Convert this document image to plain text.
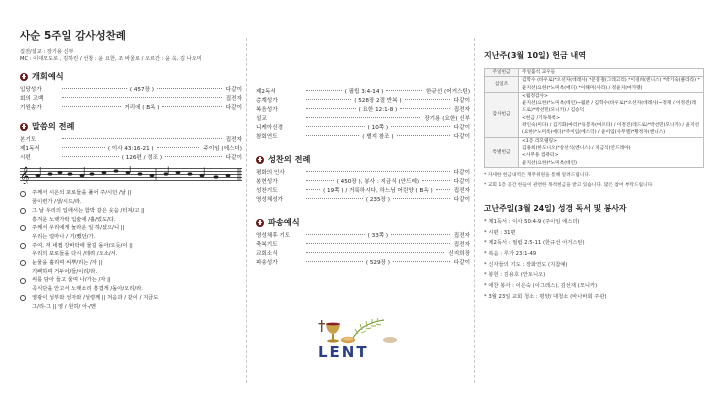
사순 5주일 감사성찬례
집전/설교 : 장기용 신부
MC : 이대모도로 , 김하린 / 선창 : 윤 요한, 조 바울로 / 오르간 : 윤 옥, 김 나오미
개회예식
입당성가	( 457장 )	다같이
회의 고백	집전자
기원송가	거리에 ( B옥 )	다같이
말씀의 전례
본기도	집전자
제1독서	( 이사 43:16-21 )	주이임 (에스더)
시편	( 126편 / 정조 )	다같이
𝄞
주께서 시온의 포로들을 풀어 주/시던 /날 ||
꿈이련가 /생/시드/라.
그 날 우리의 입에서는 함박 같은 웃음 /터져/고 ||
흥겨운 노랫가락 입술에 /흘/렀도/다.
주께서 우리에게 놀라운 일 하/셨으/니 ||
우리는 얼마나 / 기/뻤던/가.
주여, 저 네겝 강바닥에 물길 돌아/오듯/이 ||
우리의 포로들을 다시 /데려 /오소/서.
눈물을 흘리며 씨뿌/리는 /자 ||
기뻐하며 거두어/들/이리/라.
씨를 담아 들고 울며 나/가는 /자 ||
곡식단을 안고서 노랫소리 흥겹게 /돌아/오리/라.
영광이 성부와 성자와 /성령께 || 처음과 / 같이 / 지금도
그/리-그 || 영 / 원히/ 아-/멘
제2독서	( 필립 3:4-14 )	한규선 (어거스틴)
층계성가	( 528장 2절 반복 )	다같이
복음성가	( 요한 12:1-8 )	집전자
설교	장기용 (요한) 신부
니케아신경	( 10쪽 )	다같이
참회연도	( 별지 참조 )	다같이
성찬의 전례
평화의 인사	다같이
봉헌성가	( 450장 ), 봉사 : 지금식 (안드레)	다같이
성찬기도	( 19쪽 ) / 거룩하시다, 하느님 어린양 ( B옥 )	집전자
영성체성가	( 235장 )	다같이
파송예식
영성체후 기도	( 33쪽 )	집전자
축복기도	집전자
교회소식	신지희장
파송성가	( 529장 )	다같이
LENT
지난주(3월 10일) 헌금 내역
주일헌금	주일출석 교우들

십일조	김학수 (바우로)*오선자(데레사) *문흥철(그레고리) *이경희(엔니스) *박기숙(클라라) * 윤지선(요한)*노미옥(에디) *이해미(사라) / 정윤지(마가렛)

감사헌금	<월정감사>
윤지선(요한)*노미옥(데린)~월분 / 김학수(바우로)*오선자(데레사)~정재 / 이정진(레드로)*박선민(모니카) / 김승덕
<헌금 /기독목록>
곽인숙(미다) / 김기화(마리)*유봉자(마르타) / 이정진(레드로)*박선민(모니카) / 윤지선(요한)*노미옥(에디)*주이임(에스더) / 윤이임(사무엘)*황정자(엔니스)

특별헌금	<1층 리모델링>
김용희(한도니오)*송선식(엔니스) / 지금식(안드레아)
<사무용 컴퓨터>
윤지선(요한)*노미옥(데린)
* 자세한 헌금내역은 재무위원을 통해 알려드립니다.
* 교회 1층 공간 한들이 관련한 목적헌금을 받고 있습니다. 많은 참여 부탁드립니다.
고난주일(3월 24일) 성경 독서 및 봉사자
* 제1독서 : 이사 50:4-9 (주이임 에스더)
* 시편 : 31편
* 제2독서 : 필립 2:5-11 (한규선 어거스틴)
* 복음 : 루가 23:1-49
* 신자들의 기도 : 장화연도 (지참예)
* 봉헌 : 김용호 (안토니오)
* 애찬 봉사 : 이은숙 (이그레스), 김선재 (모니카)
* 3월 23일 교회 청소 : 평양/ 대청소 (바나바회 주관)
